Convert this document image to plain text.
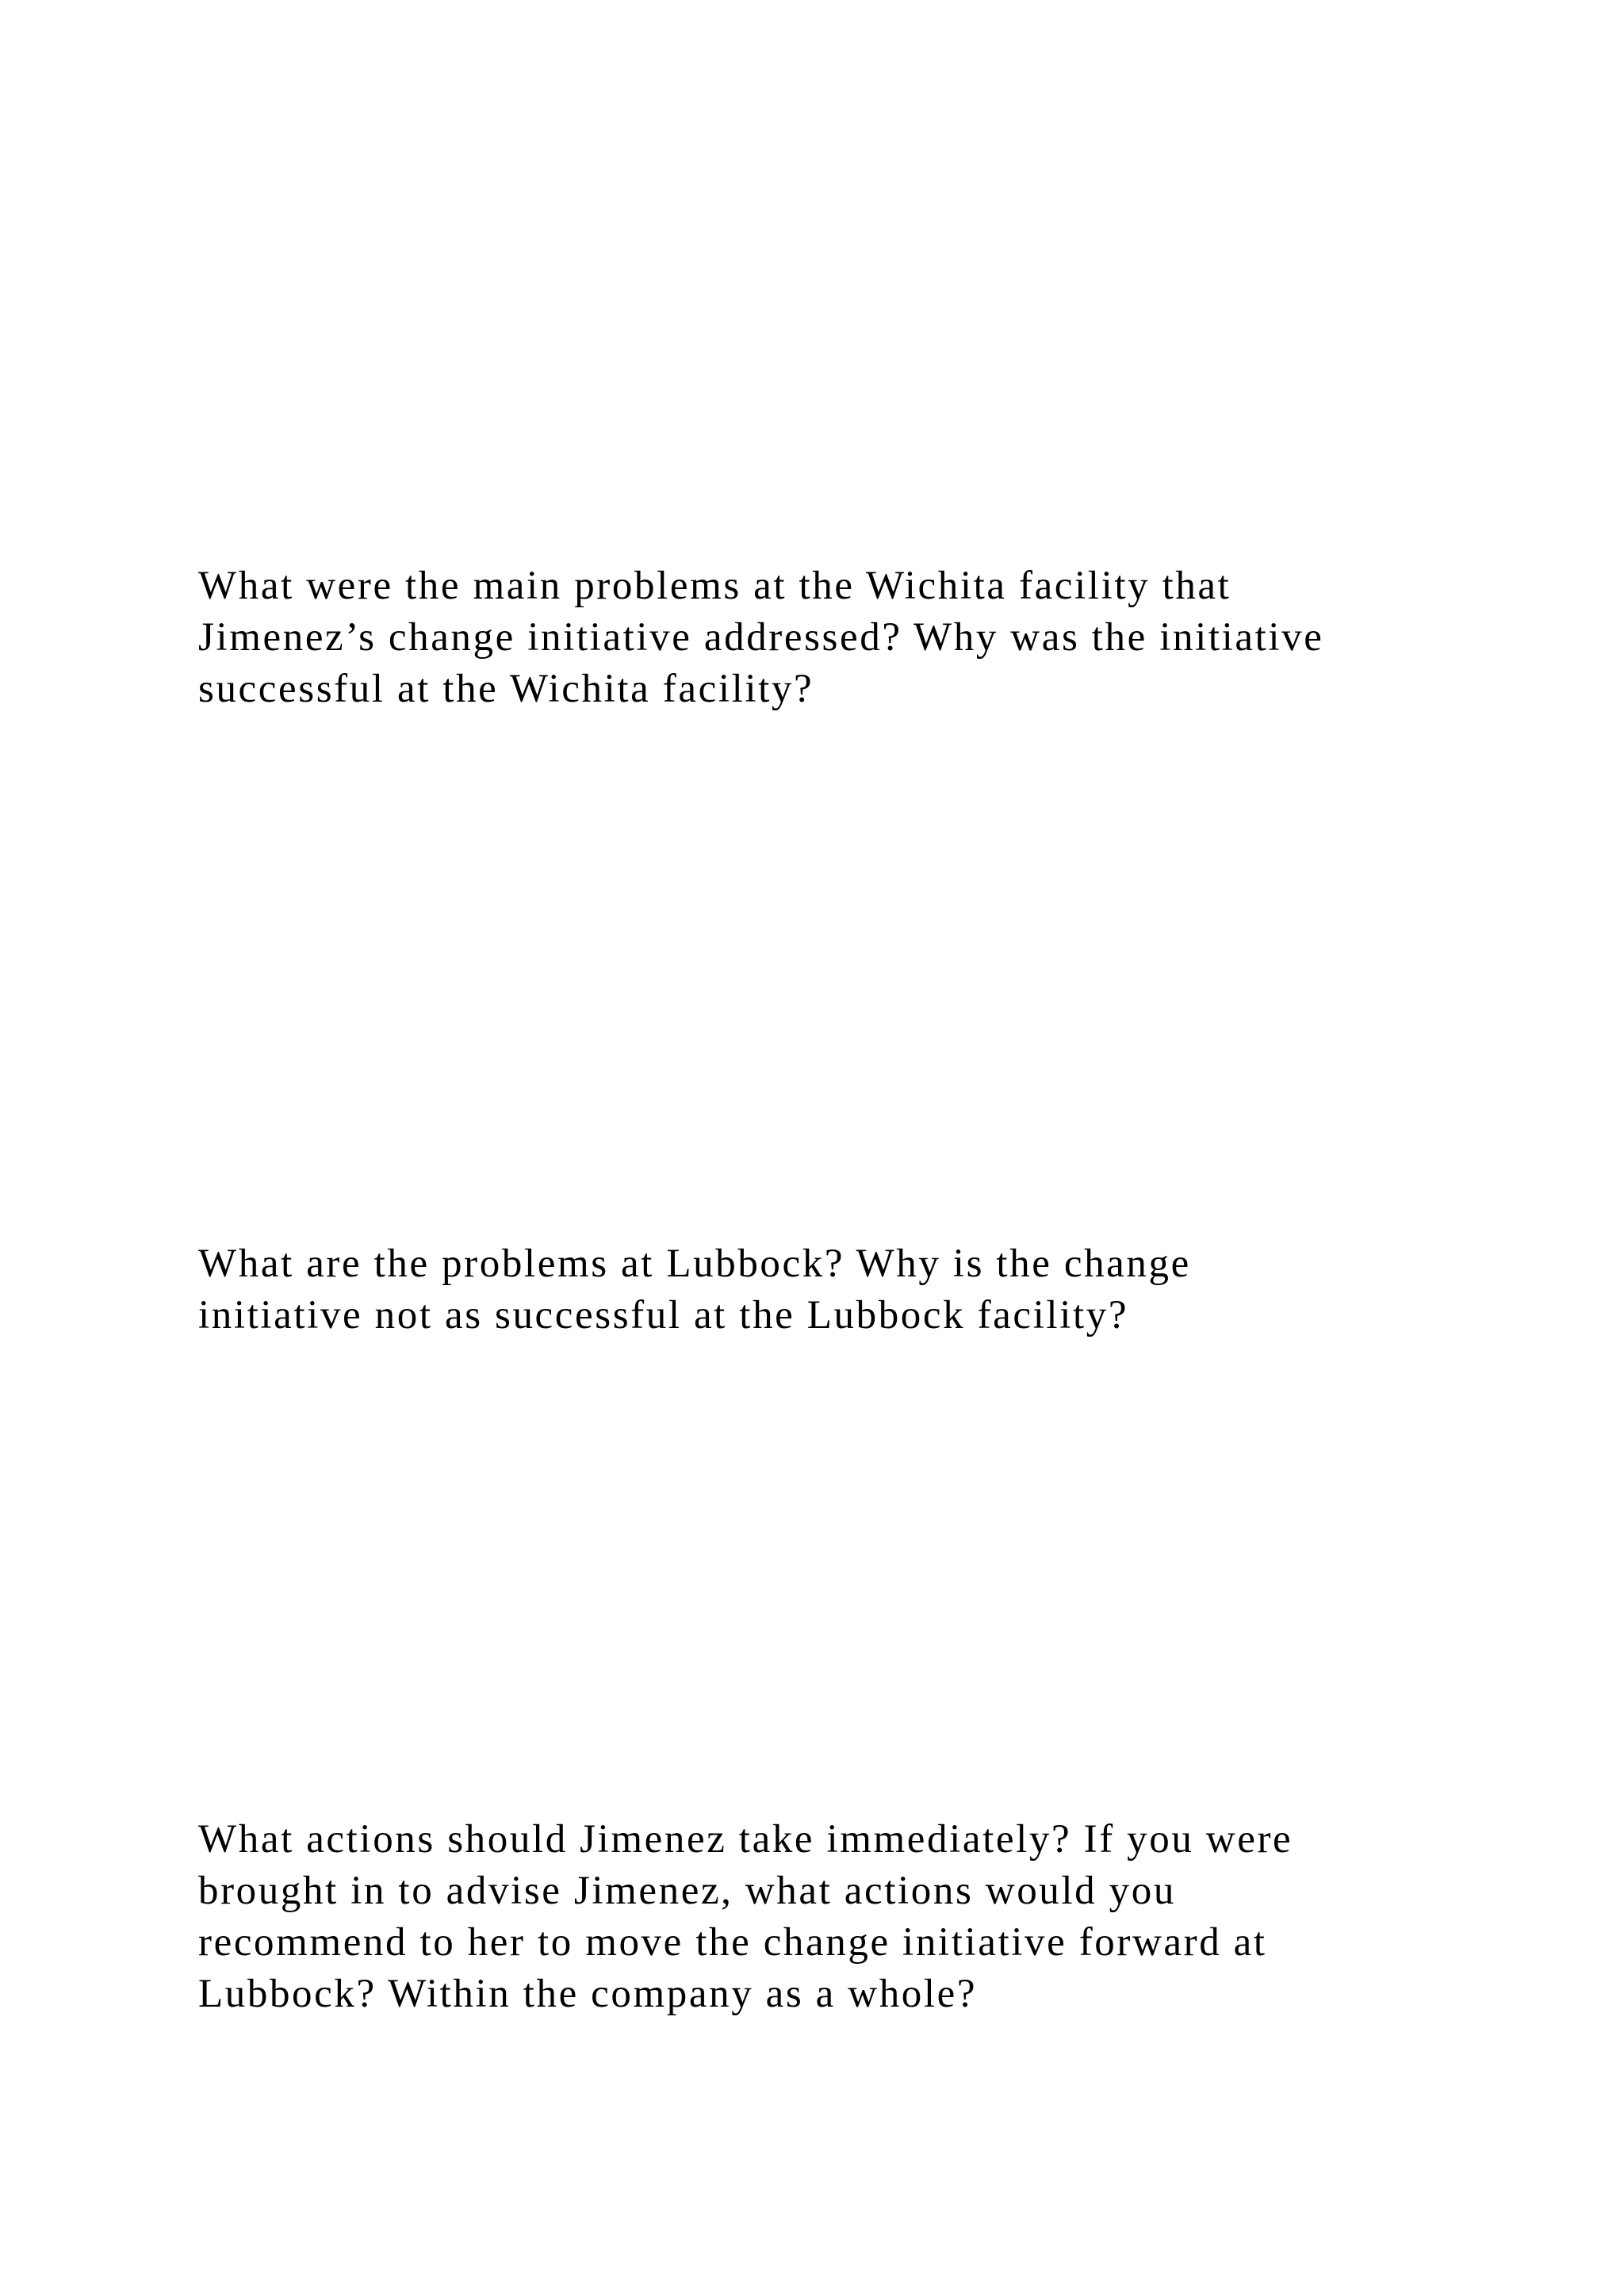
What were the main problems at the Wichita facility that
Jimenez’s change initiative addressed? Why was the initiative
successful at the Wichita facility?

What are the problems at Lubbock? Why is the change
initiative not as successful at the Lubbock facility?

What actions should Jimenez take immediately? If you were
brought in to advise Jimenez, what actions would you
recommend to her to move the change initiative forward at
Lubbock? Within the company as a whole?
